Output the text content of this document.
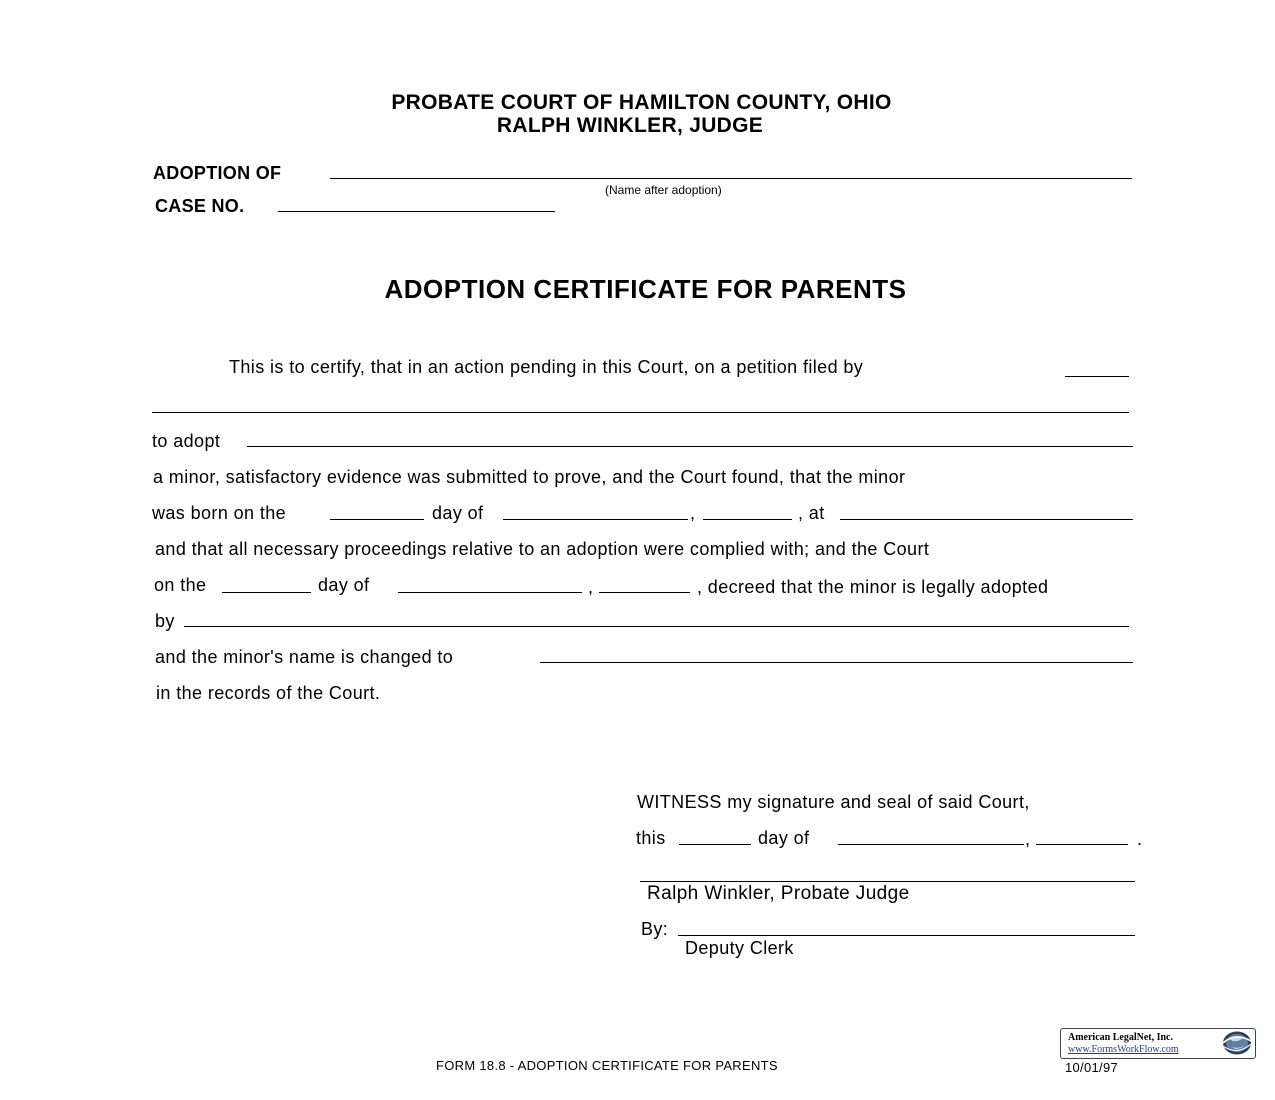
PROBATE COURT OF HAMILTON COUNTY, OHIO
RALPH WINKLER, JUDGE
ADOPTION OF
(Name after adoption)
CASE NO.
ADOPTION CERTIFICATE FOR PARENTS
This is to certify, that in an action pending in this Court, on a petition filed by
to adopt
a minor, satisfactory evidence was submitted to prove, and the Court found, that the minor
was born on the	day of	,	, at
and that all necessary proceedings relative to an adoption were complied with; and the Court
on the	day of	,	, decreed that the minor is legally adopted
by
and the minor's name is changed to
in the records of the Court.
WITNESS my signature and seal of said Court,
this	day of	,	.
Ralph Winkler, Probate Judge
By:
Deputy Clerk
FORM 18.8 - ADOPTION CERTIFICATE FOR PARENTS	10/01/97
American LegalNet, Inc.
www.FormsWorkFlow.com
